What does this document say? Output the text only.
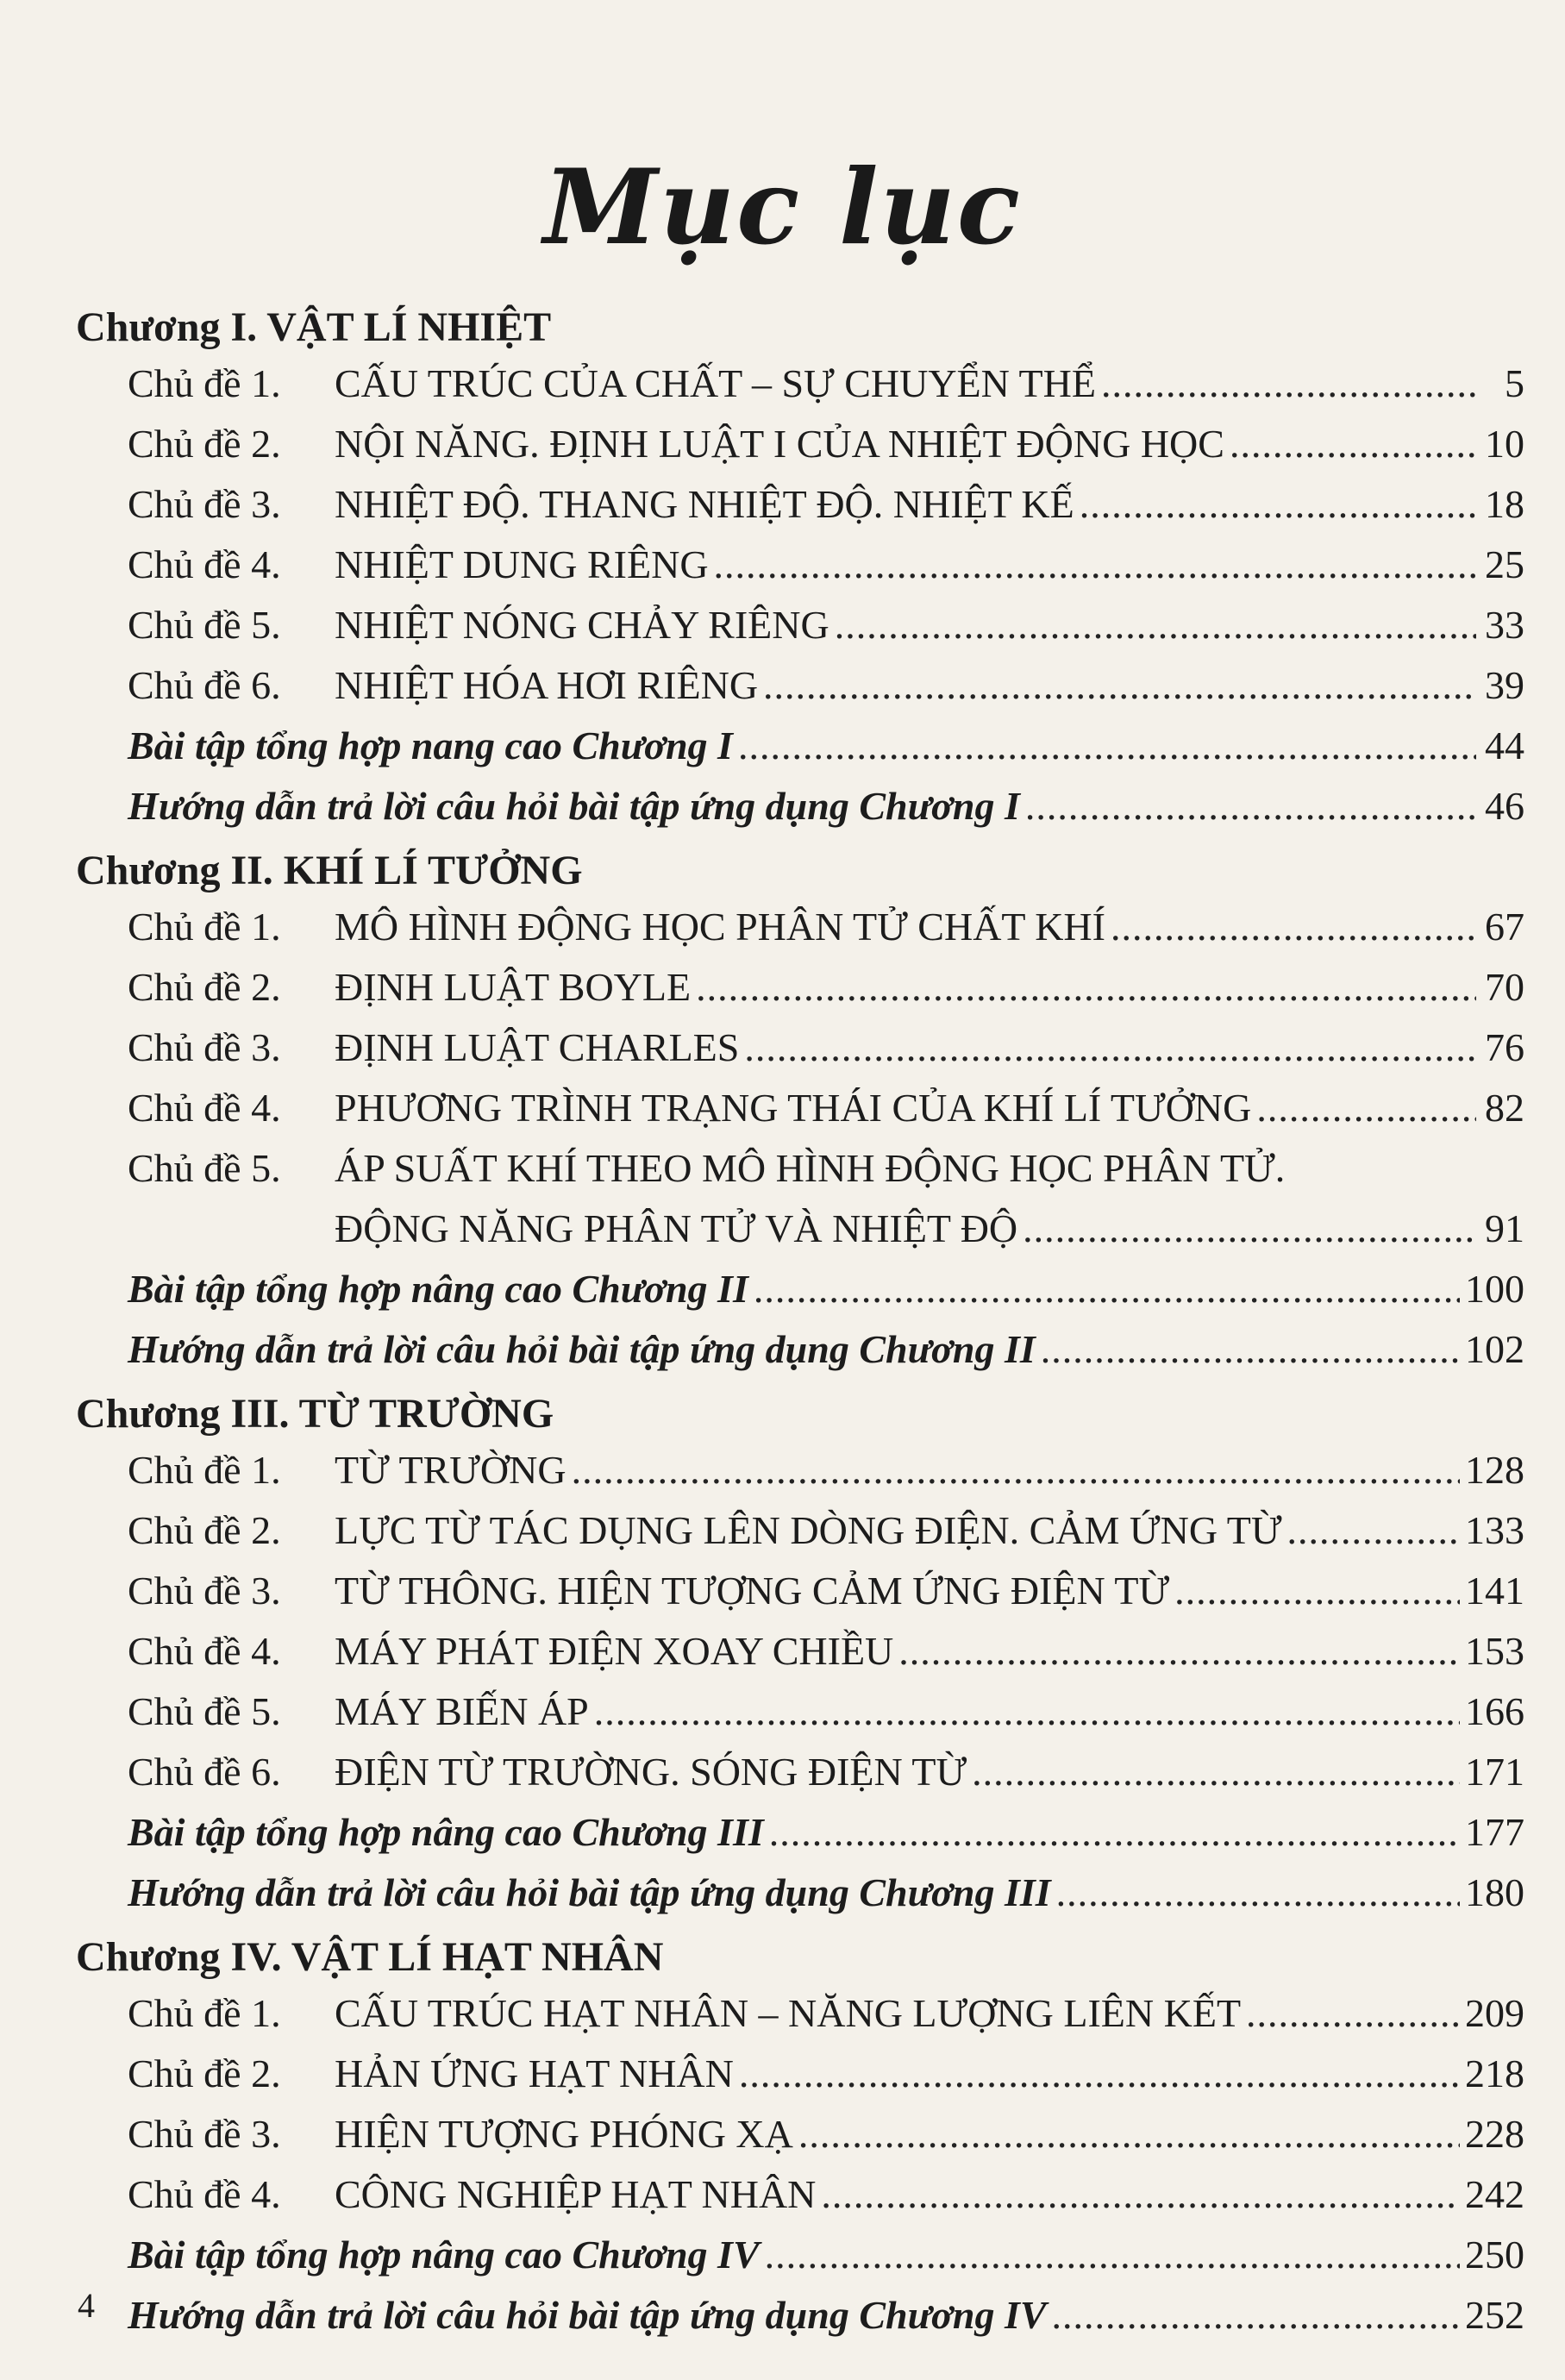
Mục lục
Chương I. VẬT LÍ NHIỆT
Chủ đề 1.	CẤU TRÚC CỦA CHẤT – SỰ CHUYỂN THỂ .....	5
Chủ đề 2.	NỘI NĂNG. ĐỊNH LUẬT I CỦA NHIỆT ĐỘNG HỌC .....	10
Chủ đề 3.	NHIỆT ĐỘ. THANG NHIỆT ĐỘ. NHIỆT KẾ .....	18
Chủ đề 4.	NHIỆT DUNG RIÊNG .....	25
Chủ đề 5.	NHIỆT NÓNG CHẢY RIÊNG .....	33
Chủ đề 6.	NHIỆT HÓA HƠI RIÊNG .....	39
Bài tập tổng hợp nang cao Chương I .....	44
Hướng dẫn trả lời câu hỏi bài tập ứng dụng Chương I .....	46
Chương II. KHÍ LÍ TƯỞNG
Chủ đề 1.	MÔ HÌNH ĐỘNG HỌC PHÂN TỬ CHẤT KHÍ .....	67
Chủ đề 2.	ĐỊNH LUẬT BOYLE .....	70
Chủ đề 3.	ĐỊNH LUẬT CHARLES .....	76
Chủ đề 4.	PHƯƠNG TRÌNH TRẠNG THÁI CỦA KHÍ LÍ TƯỞNG .....	82
Chủ đề 5.	ÁP SUẤT KHÍ THEO MÔ HÌNH ĐỘNG HỌC PHÂN TỬ.
ĐỘNG NĂNG PHÂN TỬ VÀ NHIỆT ĐỘ .....	91
Bài tập tổng hợp nâng cao Chương II .....	100
Hướng dẫn trả lời câu hỏi bài tập ứng dụng Chương II .....	102
Chương III. TỪ TRƯỜNG
Chủ đề 1.	TỪ TRƯỜNG .....	128
Chủ đề 2.	LỰC TỪ TÁC DỤNG LÊN DÒNG ĐIỆN. CẢM ỨNG TỪ .....	133
Chủ đề 3.	TỪ THÔNG. HIỆN TƯỢNG CẢM ỨNG ĐIỆN TỪ .....	141
Chủ đề 4.	MÁY PHÁT ĐIỆN XOAY CHIỀU .....	153
Chủ đề 5.	MÁY BIẾN ÁP .....	166
Chủ đề 6.	ĐIỆN TỪ TRƯỜNG. SÓNG ĐIỆN TỪ .....	171
Bài tập tổng hợp nâng cao Chương III .....	177
Hướng dẫn trả lời câu hỏi bài tập ứng dụng Chương III .....	180
Chương IV. VẬT LÍ HẠT NHÂN
Chủ đề 1.	CẤU TRÚC HẠT NHÂN – NĂNG LƯỢNG LIÊN KẾT .....	209
Chủ đề 2.	HẢN ỨNG HẠT NHÂN .....	218
Chủ đề 3.	HIỆN TƯỢNG PHÓNG XẠ .....	228
Chủ đề 4.	CÔNG NGHIỆP HẠT NHÂN .....	242
Bài tập tổng hợp nâng cao Chương IV .....	250
Hướng dẫn trả lời câu hỏi bài tập ứng dụng Chương IV .....	252
4
